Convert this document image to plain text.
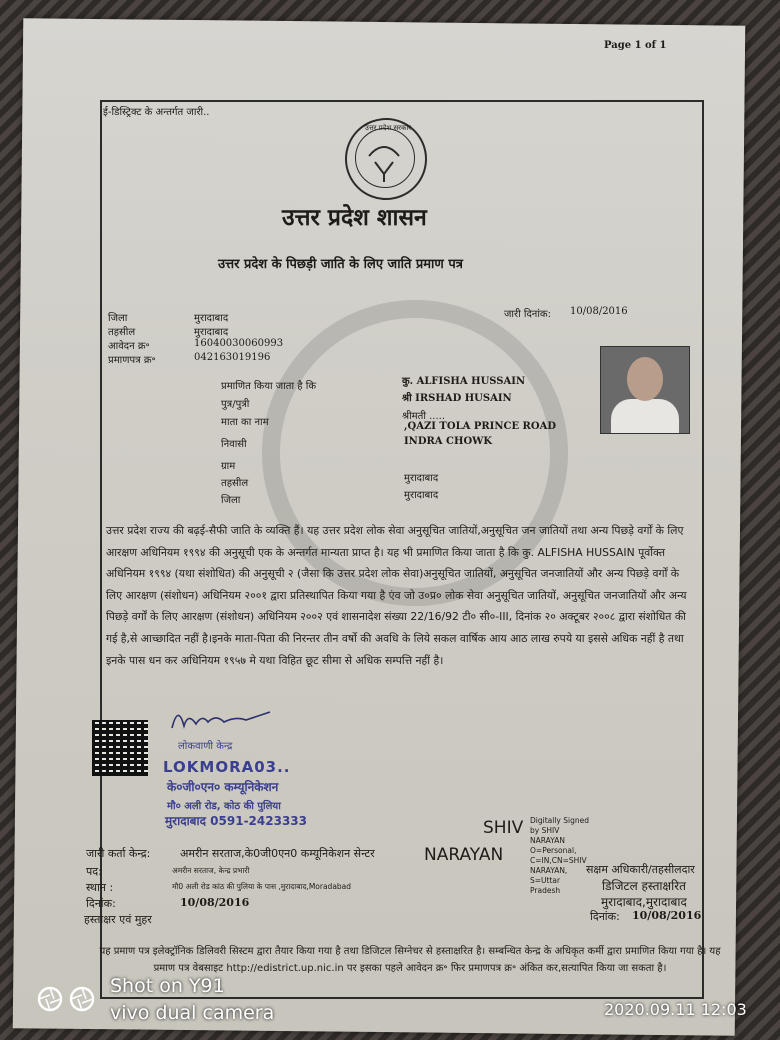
Page 1 of 1
ई-डिस्ट्रिक्ट के अन्तर्गत जारी..
उत्तर प्रदेश सरकार
उत्तर प्रदेश शासन
उत्तर प्रदेश के पिछड़ी जाति के लिए जाति प्रमाण पत्र
जिला	मुरादाबाद
तहसील	मुरादाबाद
आवेदन क्र॰	16040030060993
प्रमाणपत्र क्र॰	042163019196
जारी दिनांक: 10/08/2016
प्रमाणित किया जाता है कि	कु. ALFISHA HUSSAIN
पुत्र/पुत्री
श्री IRSHAD HUSAIN
माता का नाम
श्रीमती .....
निवासी
,QAZI TOLA PRINCE ROAD
INDRA CHOWK
ग्राम
तहसील	मुरादाबाद
जिला	मुरादाबाद
उत्तर प्रदेश राज्य की बढ़ई-सैफी जाति के व्यक्ति हैं। यह उत्तर प्रदेश लोक सेवा अनुसूचित जातियों,अनुसूचित जन जातियों तथा अन्य पिछड़े वर्गों के लिए आरक्षण अधिनियम १९९४ की अनुसूची एक के अन्तर्गत मान्यता प्राप्त है। यह भी प्रमाणित किया जाता है कि कु. ALFISHA HUSSAIN पूर्वोक्त अधिनियम १९९४ (यथा संशोधित) की अनुसूची २ (जैसा कि उत्तर प्रदेश लोक सेवा)अनुसूचित जातियों, अनुसूचित जनजातियों और अन्य पिछड़े वर्गों के लिए आरक्षण (संशोधन) अधिनियम २००१ द्वारा प्रतिस्थापित किया गया है एंव जो उ०प्र० लोक सेवा अनुसूचित जातियों, अनुसूचित जनजातियों और अन्य पिछड़े वर्गों के लिए आरक्षण (संशोधन) अधिनियम २००२ एवं शासनादेश संख्या 22/16/92 टी० सी०-III, दिनांक २० अक्टूबर २००८ द्वारा संशोधित की गई है,से आच्छादित नहीं है।इनके माता-पिता की निरन्तर तीन वर्षो की अवधि के लिये सकल वार्षिक आय आठ लाख रुपये या इससे अधिक नहीं है तथा इनके पास धन कर अधिनियम १९५७ मे यथा विहित छूट सीमा से अधिक सम्पत्ति नहीं है।
लोकवाणी केन्द्र
LOKMORA03..
के०जी०एन० कम्यूनिकेशन
मौ० अली रोड, कोठ की पुलिया
मुरादाबाद 0591-2423333	SHIV
NARAYAN
Digitally Signed
by SHIV
NARAYAN
O=Personal,
C=IN,CN=SHIV
NARAYAN,
S=Uttar
Pradesh
जारी कर्ता केन्द्र:	अमरीन सरताज,के0जी0एन0 कम्यूनिकेशन सेन्टर
पद:	अमरीन सरताज, केन्द्र प्रभारी
स्थान :	मौ0 अली रोड कांठ की पुलिया के पास ,मुरादाबाद,Moradabad
दिनांक:	10/08/2016
हस्ताक्षर एवं मुहर
सक्षम अधिकारी/तहसीलदार
डिजिटल हस्ताक्षरित
मुरादाबाद,मुरादाबाद
दिनांक: 10/08/2016
यह प्रमाण पत्र इलेक्ट्रॉनिक डिलिवरी सिस्टम द्वारा तैयार किया गया है तथा डिजिटल सिग्नेचर से हस्ताक्षरित है। सम्बन्धित केन्द्र के अधिकृत कर्मी द्वारा प्रमाणित किया गया है। यह प्रमाण पत्र वेबसाइट http://edistrict.up.nic.in पर इसका पहले आवेदन क्र॰ फिर प्रमाणपत्र क्र॰ अंकित कर,सत्यापित किया जा सकता है।
Shot on Y91
vivo dual camera	2020.09.11 12:03
